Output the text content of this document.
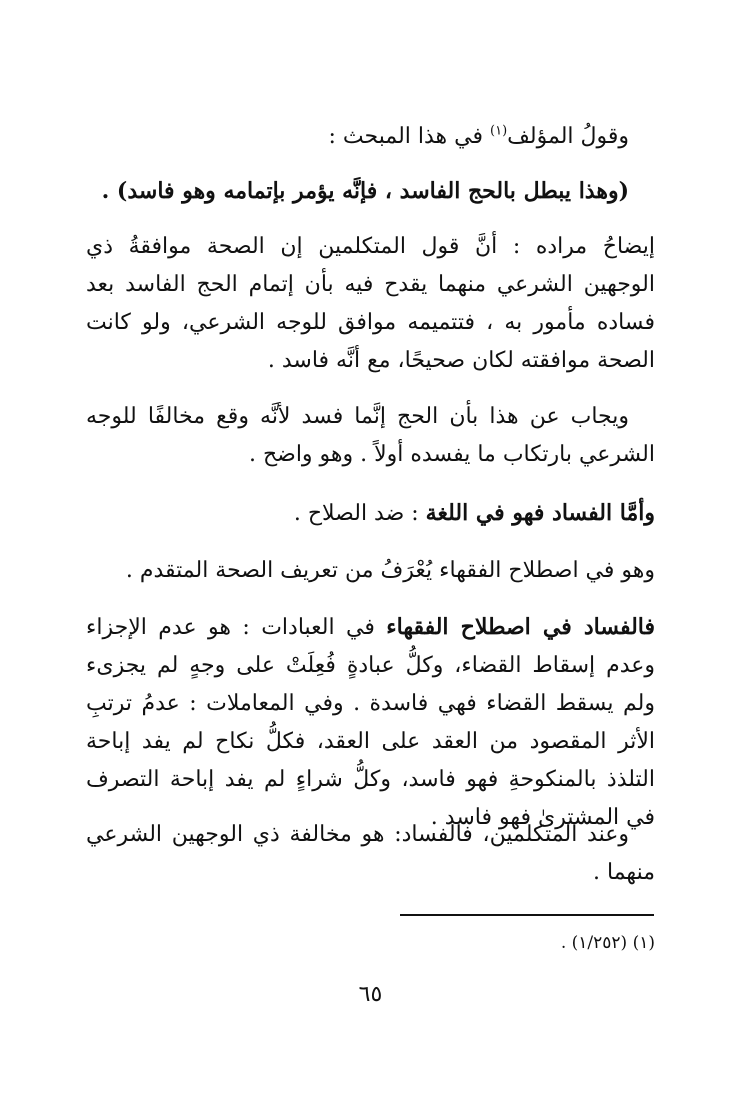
وقولُ المؤلف$^{(١)}$ في هذا المبحث :

(وهذا يبطل بالحج الفاسد ، فإنَّه يؤمر بإتمامه وهو فاسد) .

إيضاحُ مراده : أنَّ قول المتكلمين إن الصحة موافقةُ ذي الوجهين الشرعي منهما يقدح فيه بأن إتمام الحج الفاسد بعد فساده مأمور به ، فتتميمه موافق للوجه الشرعي، ولو كانت الصحة موافقته لكان صحيحًا، مع أنَّه فاسد .

ويجاب عن هذا بأن الحج إنَّما فسد لأنَّه وقع مخالفًا للوجه الشرعي بارتكاب ما يفسده أولاً . وهو واضح .

وأمَّا الفساد فهو في اللغة : ضد الصلاح .

وهو في اصطلاح الفقهاء يُعْرَفُ من تعريف الصحة المتقدم .

فالفساد في اصطلاح الفقهاء في العبادات : هو عدم الإجزاء وعدم إسقاط القضاء، وكلُّ عبادةٍ فُعِلَتْ على وجهٍ لم يجزىء ولم يسقط القضاء فهي فاسدة . وفي المعاملات : عدمُ ترتبِ الأثر المقصود من العقد على العقد، فكلُّ نكاح لم يفد إباحة التلذذ بالمنكوحةِ فهو فاسد، وكلُّ شراءٍ لم يفد إباحة التصرف في المشترىٰ فهو فاسد .

وعند المتكلمين، فالفساد: هو مخالفة ذي الوجهين الشرعي منهما .

(١) (١/٢٥٢) .
٦٥
